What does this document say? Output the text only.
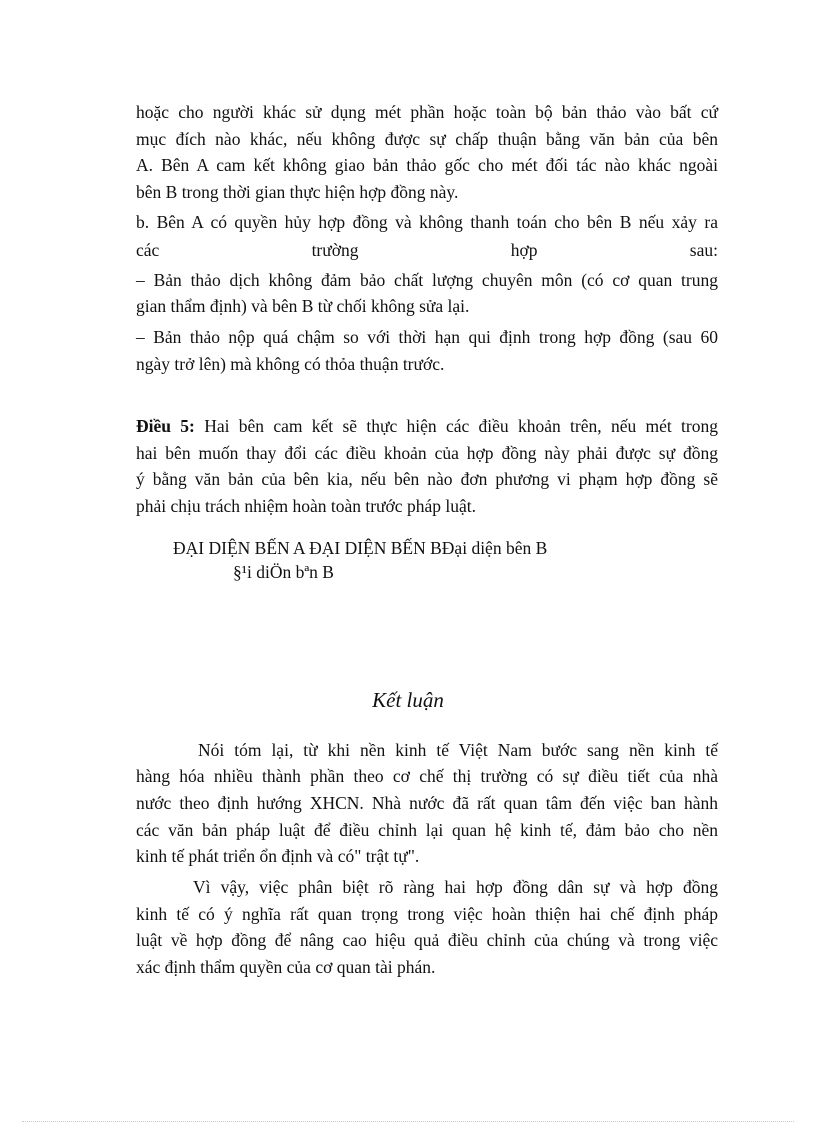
hoặc cho người khác sử dụng mét phần hoặc toàn bộ bản thảo vào bất cứ
mục đích nào khác, nếu không được sự chấp thuận bằng văn bản của bên
A. Bên A cam kết không giao bản thảo gốc cho mét đối tác nào khác ngoài
bên B trong thời gian thực hiện hợp đồng này.
b. Bên A có quyền hủy hợp đồng và không thanh toán cho bên B nếu xảy ra
các trường hợp sau:
– Bản thảo dịch không đảm bảo chất lượng chuyên môn (có cơ quan trung
gian thẩm định) và bên B từ chối không sửa lại.
– Bản thảo nộp quá chậm so với thời hạn qui định trong hợp đồng (sau 60
ngày trở lên) mà không có thỏa thuận trước.
Điều 5: Hai bên cam kết sẽ thực hiện các điều khoản trên, nếu mét trong
hai bên muốn thay đổi các điều khoản của hợp đồng này phải được sự đồng
ý bằng văn bản của bên kia, nếu bên nào đơn phương vi phạm hợp đồng sẽ
phải chịu trách nhiệm hoàn toàn trước pháp luật.
ĐẠI DIỆN BẾN A ĐẠI DIỆN BẾN BĐại diện bên B
§¹i diÖn bªn B
Kết luận
Nói tóm lại, từ khi nền kinh tế Việt Nam bước sang nền kinh tế
hàng hóa nhiều thành phần theo cơ chế thị trường có sự điều tiết của nhà
nước theo định hướng XHCN. Nhà nước đã rất quan tâm đến việc ban hành
các văn bản pháp luật để điều chỉnh lại quan hệ kinh tế, đảm bảo cho nền
kinh tế phát triển ổn định và có" trật tự".
Vì vậy, việc phân biệt rõ ràng hai hợp đồng dân sự và hợp đồng
kinh tế có ý nghĩa rất quan trọng trong việc hoàn thiện hai chế định pháp
luật về hợp đồng để nâng cao hiệu quả điều chỉnh của chúng và trong việc
xác định thẩm quyền của cơ quan tài phán.
